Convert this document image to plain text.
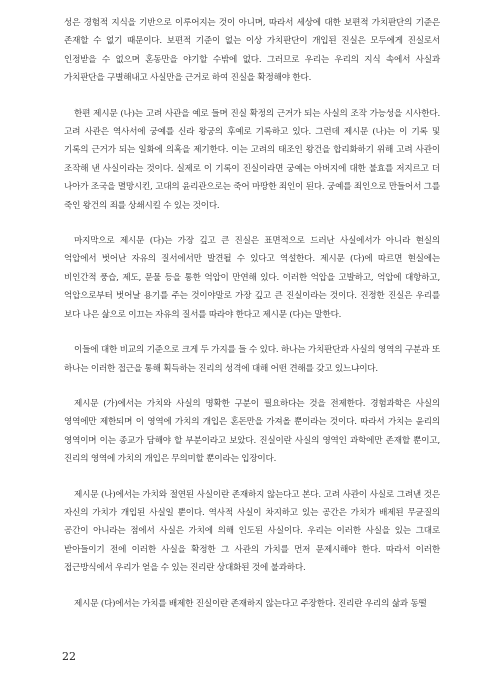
성은 경험적 지식을 기반으로 이루어지는 것이 아니며, 따라서 세상에 대한 보편적 가치판단의 기준은 존재할 수 없기 때문이다. 보편적 기준이 없는 이상 가치판단이 개입된 진실은 모두에게 진실로서 인정받을 수 없으며 혼동만을 야기할 수밖에 없다. 그러므로 우리는 우리의 지식 속에서 사실과 가치판단을 구별해내고 사실만을 근거로 하여 진실을 확정해야 한다.

한편 제시문 (나)는 고려 사관을 예로 들며 진실 확정의 근거가 되는 사실의 조작 가능성을 시사한다. 고려 사관은 역사서에 궁예를 신라 왕궁의 후예로 기록하고 있다. 그런데 제시문 (나)는 이 기록 및 기록의 근거가 되는 일화에 의혹을 제기한다. 이는 고려의 태조인 왕건을 합리화하기 위해 고려 사관이 조작해 낸 사실이라는 것이다. 실제로 이 기록이 진실이라면 궁예는 아버지에 대한 불효를 저지르고 더 나아가 조국을 멸망시킨, 고대의 윤리관으로는 죽어 마땅한 죄인이 된다. 궁예를 죄인으로 만들어서 그를 죽인 왕건의 죄를 상쇄시킬 수 있는 것이다.

마지막으로 제시문 (다)는 가장 깊고 큰 진실은 표면적으로 드러난 사실에서가 아니라 현실의 억압에서 벗어난 자유의 질서에서만 발견될 수 있다고 역설한다. 제시문 (다)에 따르면 현실에는 비인간적 풍습, 제도, 문물 등을 통한 억압이 만연해 있다. 이러한 억압을 고발하고, 억압에 대항하고, 억압으로부터 벗어날 용기를 주는 것이야말로 가장 깊고 큰 진실이라는 것이다. 진정한 진실은 우리를 보다 나은 삶으로 이끄는 자유의 질서를 따라야 한다고 제시문 (다)는 말한다.

이들에 대한 비교의 기준으로 크게 두 가지를 들 수 있다. 하나는 가치판단과 사실의 영역의 구분과 또 하나는 이러한 접근을 통해 획득하는 진리의 성격에 대해 어떤 견해를 갖고 있느냐이다.

제시문 (가)에서는 가치와 사실의 명확한 구분이 필요하다는 것을 전제한다. 경험과학은 사실의 영역에만 제한되며 이 영역에 가치의 개입은 혼돈만을 가져올 뿐이라는 것이다. 따라서 가치는 윤리의 영역이며 이는 종교가 담해야 할 부분이라고 보았다. 진실이란 사실의 영역인 과학에만 존재할 뿐이고, 진리의 영역에 가치의 개입은 무의미할 뿐이라는 입장이다.

제시문 (나)에서는 가치와 절연된 사실이란 존재하지 않는다고 본다. 고려 사관이 사실로 그려낸 것은 자신의 가치가 개입된 사실일 뿐이다. 역사적 사실이 차지하고 있는 공간은 가치가 배제된 무균질의 공간이 아니라는 점에서 사실은 가치에 의해 인도된 사실이다. 우리는 이러한 사실을 있는 그대로 받아들이기 전에 이러한 사실을 확정한 그 사관의 가치를 먼저 문제시해야 한다. 따라서 이러한 접근방식에서 우리가 얻을 수 있는 진리란 상대화된 것에 불과하다.

제시문 (다)에서는 가치를 배제한 진실이란 존재하지 않는다고 주장한다. 진리란 우리의 삶과 동떨

22
